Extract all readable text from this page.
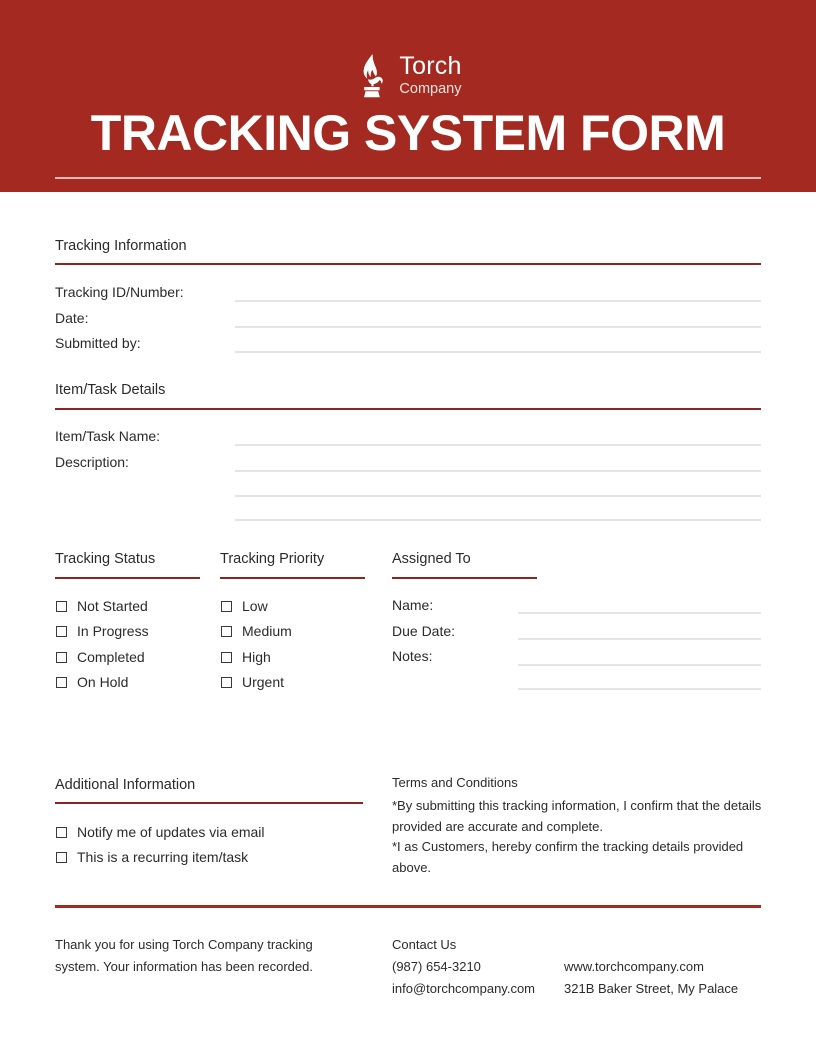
Torch
Company
TRACKING SYSTEM FORM
Tracking Information
Tracking ID/Number:
Date:
Submitted by:
Item/Task Details
Item/Task Name:
Description:
Tracking Status
Not Started
In Progress
Completed
On Hold
Tracking Priority
Low
Medium
High
Urgent
Assigned To
Name:
Due Date:
Notes:
Additional Information
Notify me of updates via email
This is a recurring item/task
Terms and Conditions
*By submitting this tracking information, I confirm that the details provided are accurate and complete.
*I as Customers, hereby confirm the tracking details provided above.
Thank you for using Torch Company tracking system. Your information has been recorded.
Contact Us
(987) 654-3210	www.torchcompany.com
info@torchcompany.com	321B Baker Street, My Palace
